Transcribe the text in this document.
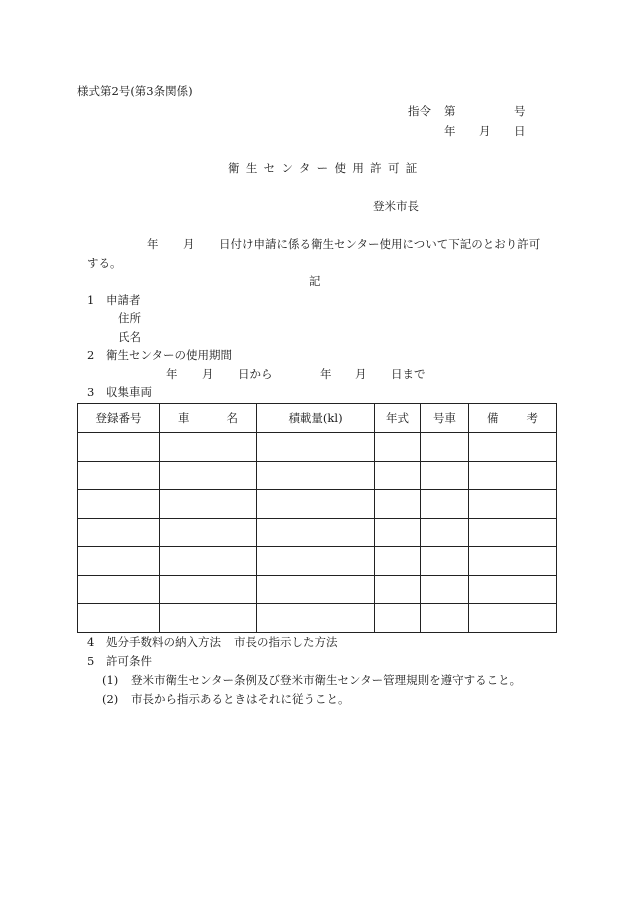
様式第2号(第3条関係)
指令 第	号
年 月 日
衛生センター使用許可証
登米市長
年 月 日付け申請に係る衛生センター使用について下記のとおり許可
する。
記
1 申請者
住所
氏名
2 衛生センターの使用期間
年 月 日から	年 月 日まで
3 収集車両
登録番号	車 名	積載量(kl)	年式	号車	備 考

4 処分手数料の納入方法 市長の指示した方法
5 許可条件
(1) 登米市衛生センター条例及び登米市衛生センター管理規則を遵守すること。
(2) 市長から指示あるときはそれに従うこと。
